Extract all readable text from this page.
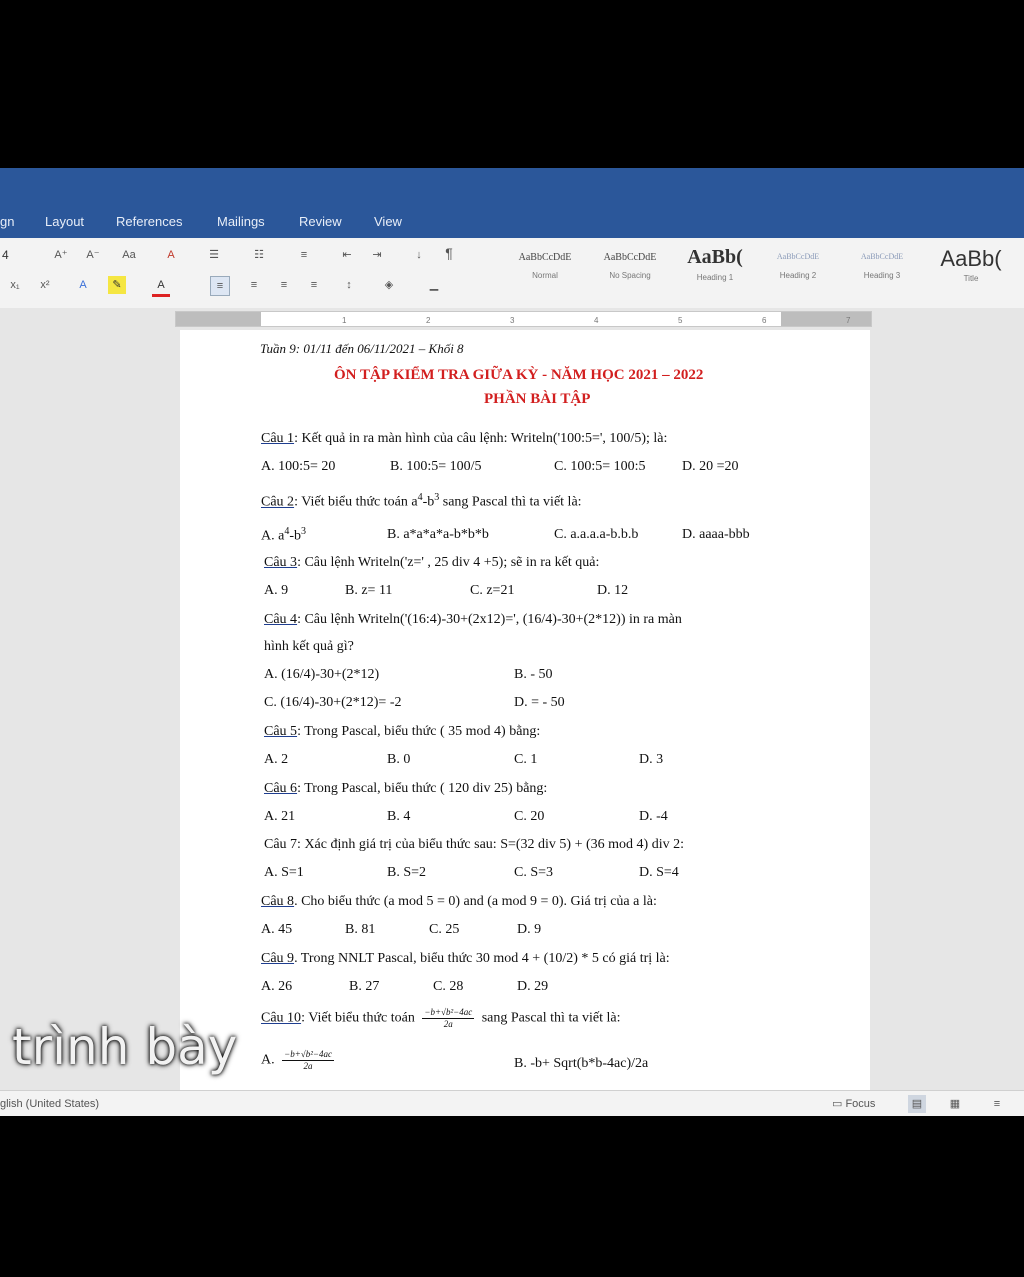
gn Layout References	Mailings	Review View
4	A⁺ A⁻ Aa	A	☰	☷	≡	⇤	⇥	↓	¶
x₁	x²	A	✎	A	≡	≡	≡	≡	↕	◈	▁
AaBbCcDdE
Normal
AaBbCcDdE
No Spacing
AaBb(
Heading 1
AaBbCcDdE
Heading 2
AaBbCcDdE
Heading 3
AaBb(
Title
1	2	3	4	5	6	7
Tuần 9: 01/11 đến 06/11/2021 – Khối 8
ÔN TẬP KIỂM TRA GIỮA KỲ - NĂM HỌC 2021 – 2022
PHẦN BÀI TẬP
Câu 1: Kết quả in ra màn hình của câu lệnh: Writeln('100:5=', 100/5); là:
A. 100:5= 20	B. 100:5= 100/5	C. 100:5= 100:5	D. 20 =20
Câu 2: Viết biểu thức toán $a^4-b^3$ sang Pascal thì ta viết là:
A. $a^4-b^3$	B. a*a*a*a-b*b*b	C. a.a.a.a-b.b.b	D. aaaa-bbb
Câu 3: Câu lệnh Writeln('z=' , 25 div 4 +5); sẽ in ra kết quả:
A. 9	B. z= 11	C. z=21	D. 12
Câu 4: Câu lệnh Writeln('(16:4)-30+(2x12)=', (16/4)-30+(2*12)) in ra màn
hình kết quả gì?
A. (16/4)-30+(2*12)	B. - 50
C. (16/4)-30+(2*12)= -2	D. = - 50
Câu 5: Trong Pascal, biểu thức ( 35 mod 4) bằng:
A. 2	B. 0	C. 1	D. 3
Câu 6: Trong Pascal, biểu thức ( 120 div 25) bằng:
A. 21	B. 4	C. 20	D. -4
Câu 7: Xác định giá trị của biểu thức sau: S=(32 div 5) + (36 mod 4) div 2:
A. S=1	B. S=2	C. S=3	D. S=4
Câu 8. Cho biểu thức (a mod 5 = 0) and (a mod 9 = 0). Giá trị của a là:
A. 45	B. 81	C. 25	D. 9
Câu 9. Trong NNLT Pascal, biểu thức 30 mod 4 + (10/2) * 5 có giá trị là:
A. 26	B. 27	C. 28	D. 29
Câu 10: Viết biểu thức toán $\frac{\text{−b+√b²−4ac}}{2a}$ sang Pascal thì ta viết là:
A. $\frac{\text{−b+√b²−4ac}}{2a}$	B. -b+ Sqrt(b*b-4ac)/2a
glish (United States)	▭ Focus	▤	▦	≡
trình bày
